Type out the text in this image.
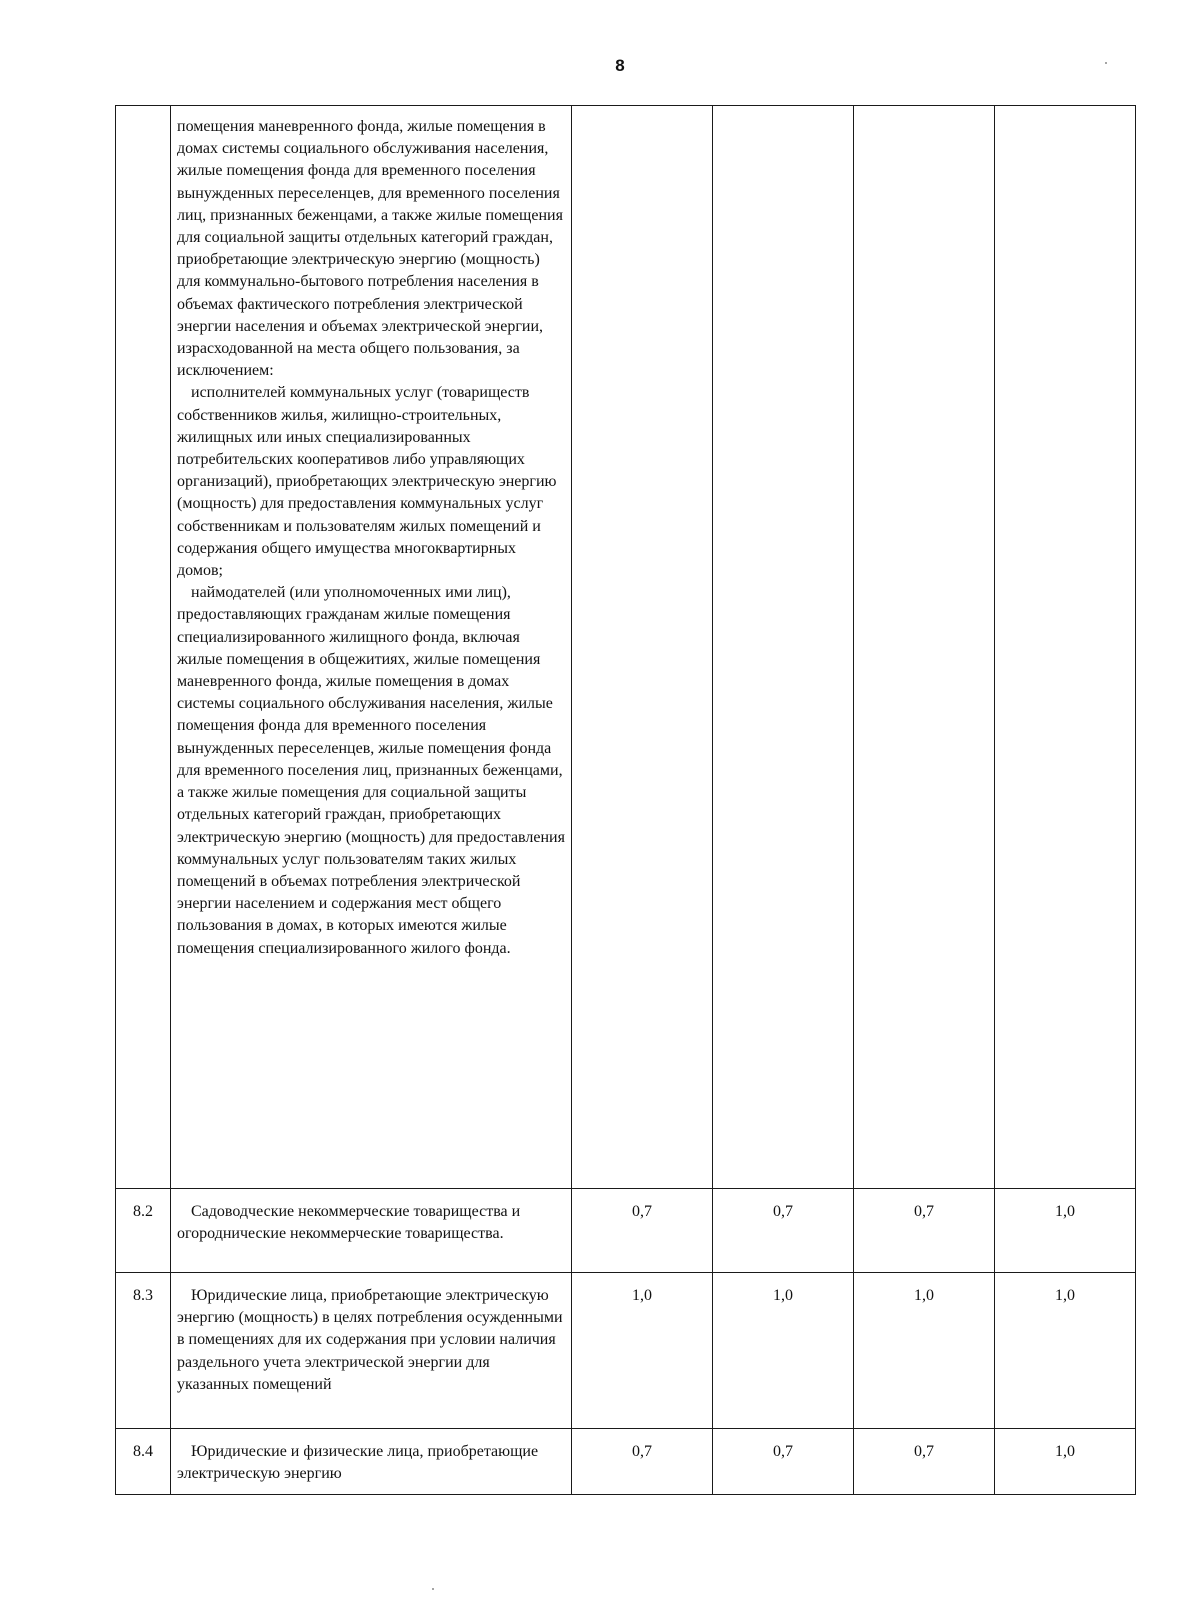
8

	помещения маневренного фонда, жилые помещения в домах системы социального обслуживания населения, жилые помещения фонда для временного поселения вынужденных переселенцев, для временного поселения лиц, признанных беженцами, а также жилые помещения для социальной защиты отдельных категорий граждан, приобретающие электрическую энергию (мощность) для коммунально-бытового потребления населения в объемах фактического потребления электрической энергии населения и объемах электрической энергии, израсходованной на места общего пользования, за исключением:

исполнителей коммунальных услуг (товариществ собственников жилья, жилищно-строительных, жилищных или иных специализированных потребительских кооперативов либо управляющих организаций), приобретающих электрическую энергию (мощность) для предоставления коммунальных услуг собственникам и пользователям жилых помещений и содержания общего имущества многоквартирных домов;

наймодателей (или уполномоченных ими лиц), предоставляющих гражданам жилые помещения специализированного жилищного фонда, включая жилые помещения в общежитиях, жилые помещения маневренного фонда, жилые помещения в домах системы социального обслуживания населения, жилые помещения фонда для временного поселения вынужденных переселенцев, жилые помещения фонда для временного поселения лиц, признанных беженцами, а также жилые помещения для социальной защиты отдельных категорий граждан, приобретающих электрическую энергию (мощность) для предоставления коммунальных услуг пользователям таких жилых помещений в объемах потребления электрической энергии населением и содержания мест общего пользования в домах, в которых имеются жилые помещения специализированного жилого фонда.				

8.2	Садоводческие некоммерческие товарищества и огороднические некоммерческие товарищества.	0,7	0,7	0,7	1,0
8.3	Юридические лица, приобретающие электрическую энергию (мощность) в целях потребления осужденными в помещениях для их содержания при условии наличия раздельного учета электрической энергии для указанных помещений	1,0	1,0	1,0	1,0
8.4	Юридические и физические лица, приобретающие электрическую энергию	0,7	0,7	0,7	1,0
